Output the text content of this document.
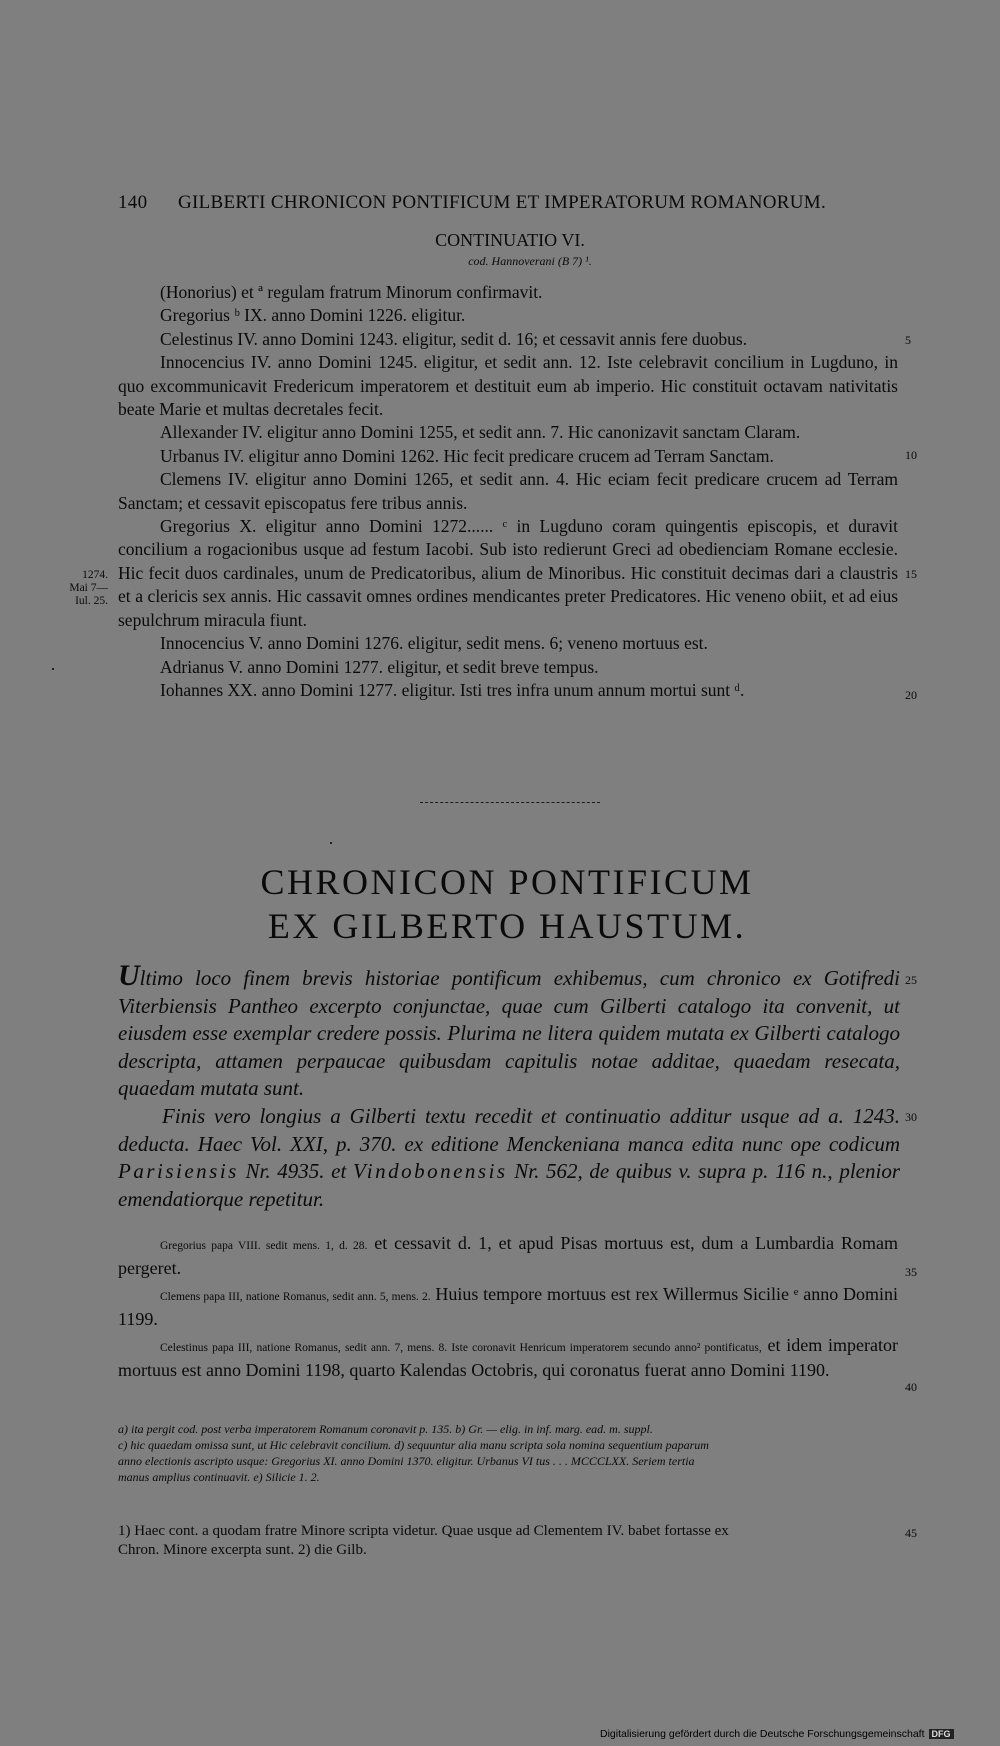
140 GILBERTI CHRONICON PONTIFICUM ET IMPERATORUM ROMANORUM.
CONTINUATIO VI.
cod. Hannoverani (B 7) ¹.

(Honorius) et ª regulam fratrum Minorum confirmavit.

Gregorius ᵇ IX. anno Domini 1226. eligitur.

Celestinus IV. anno Domini 1243. eligitur, sedit d. 16; et cessavit annis fere duobus.

Innocencius IV. anno Domini 1245. eligitur, et sedit ann. 12. Iste celebravit concilium in Lugduno, in quo excommunicavit Fredericum imperatorem et destituit eum ab imperio. Hic constituit octavam nativitatis beate Marie et multas decretales fecit.

Allexander IV. eligitur anno Domini 1255, et sedit ann. 7. Hic canonizavit sanctam Claram.

Urbanus IV. eligitur anno Domini 1262. Hic fecit predicare crucem ad Terram Sanctam.

Clemens IV. eligitur anno Domini 1265, et sedit ann. 4. Hic eciam fecit predicare crucem ad Terram Sanctam; et cessavit episcopatus fere tribus annis.

Gregorius X. eligitur anno Domini 1272...... ᶜ in Lugduno coram quingentis episcopis, et duravit concilium a rogacionibus usque ad festum Iacobi. Sub isto redierunt Greci ad obedienciam Romane ecclesie. Hic fecit duos cardinales, unum de Predicatoribus, alium de Minoribus. Hic constituit decimas dari a claustris et a clericis sex annis. Hic cassavit omnes ordines mendicantes preter Predicatores. Hic veneno obiit, et ad eius sepulchrum miracula fiunt.

Innocencius V. anno Domini 1276. eligitur, sedit mens. 6; veneno mortuus est.

Adrianus V. anno Domini 1277. eligitur, et sedit breve tempus.

Iohannes XX. anno Domini 1277. eligitur. Isti tres infra unum annum mortui sunt ᵈ.

1274.
Mai 7—
Iul. 25.
5
10
15
20
CHRONICON PONTIFICUM
EX GILBERTO HAUSTUM.

Ultimo loco finem brevis historiae pontificum exhibemus, cum chronico ex Gotifredi Viterbiensis Pantheo excerpto conjunctae, quae cum Gilberti catalogo ita convenit, ut eiusdem esse exemplar credere possis. Plurima ne litera quidem mutata ex Gilberti catalogo descripta, attamen perpaucae quibusdam capitulis notae additae, quaedam resecata, quaedam mutata sunt.

Finis vero longius a Gilberti textu recedit et continuatio additur usque ad a. 1243. deducta. Haec Vol. XXI, p. 370. ex editione Menckeniana manca edita nunc ope codicum Parisiensis Nr. 4935. et Vindobonensis Nr. 562, de quibus v. supra p. 116 n., plenior emendatiorque repetitur.

25
30

Gregorius papa VIII. sedit mens. 1, d. 28. et cessavit d. 1, et apud Pisas mortuus est, dum a Lumbardia Romam pergeret.

Clemens papa III, natione Romanus, sedit ann. 5, mens. 2. Huius tempore mortuus est rex Willermus Sicilie ᵉ anno Domini 1199.

Celestinus papa III, natione Romanus, sedit ann. 7, mens. 8. Iste coronavit Henricum imperatorem secundo anno² pontificatus, et idem imperator mortuus est anno Domini 1198, quarto Kalendas Octobris, qui coronatus fuerat anno Domini 1190.

35
40

a) ita pergit cod. post verba imperatorem Romanum coronavit p. 135. b) Gr. — elig. in inf. marg. ead. m. suppl.

c) hic quaedam omissa sunt, ut Hic celebravit concilium. d) sequuntur alia manu scripta sola nomina sequentium paparum

anno electionis ascripto usque: Gregorius XI. anno Domini 1370. eligitur. Urbanus VI tus . . . MCCCLXX. Seriem tertia

manus amplius continuavit. e) Silicie 1. 2.

1) Haec cont. a quodam fratre Minore scripta videtur. Quae usque ad Clementem IV. babet fortasse ex

Chron. Minore excerpta sunt. 2) die Gilb.

45
Digitalisierung gefördert durch die Deutsche Forschungsgemeinschaft DFG
